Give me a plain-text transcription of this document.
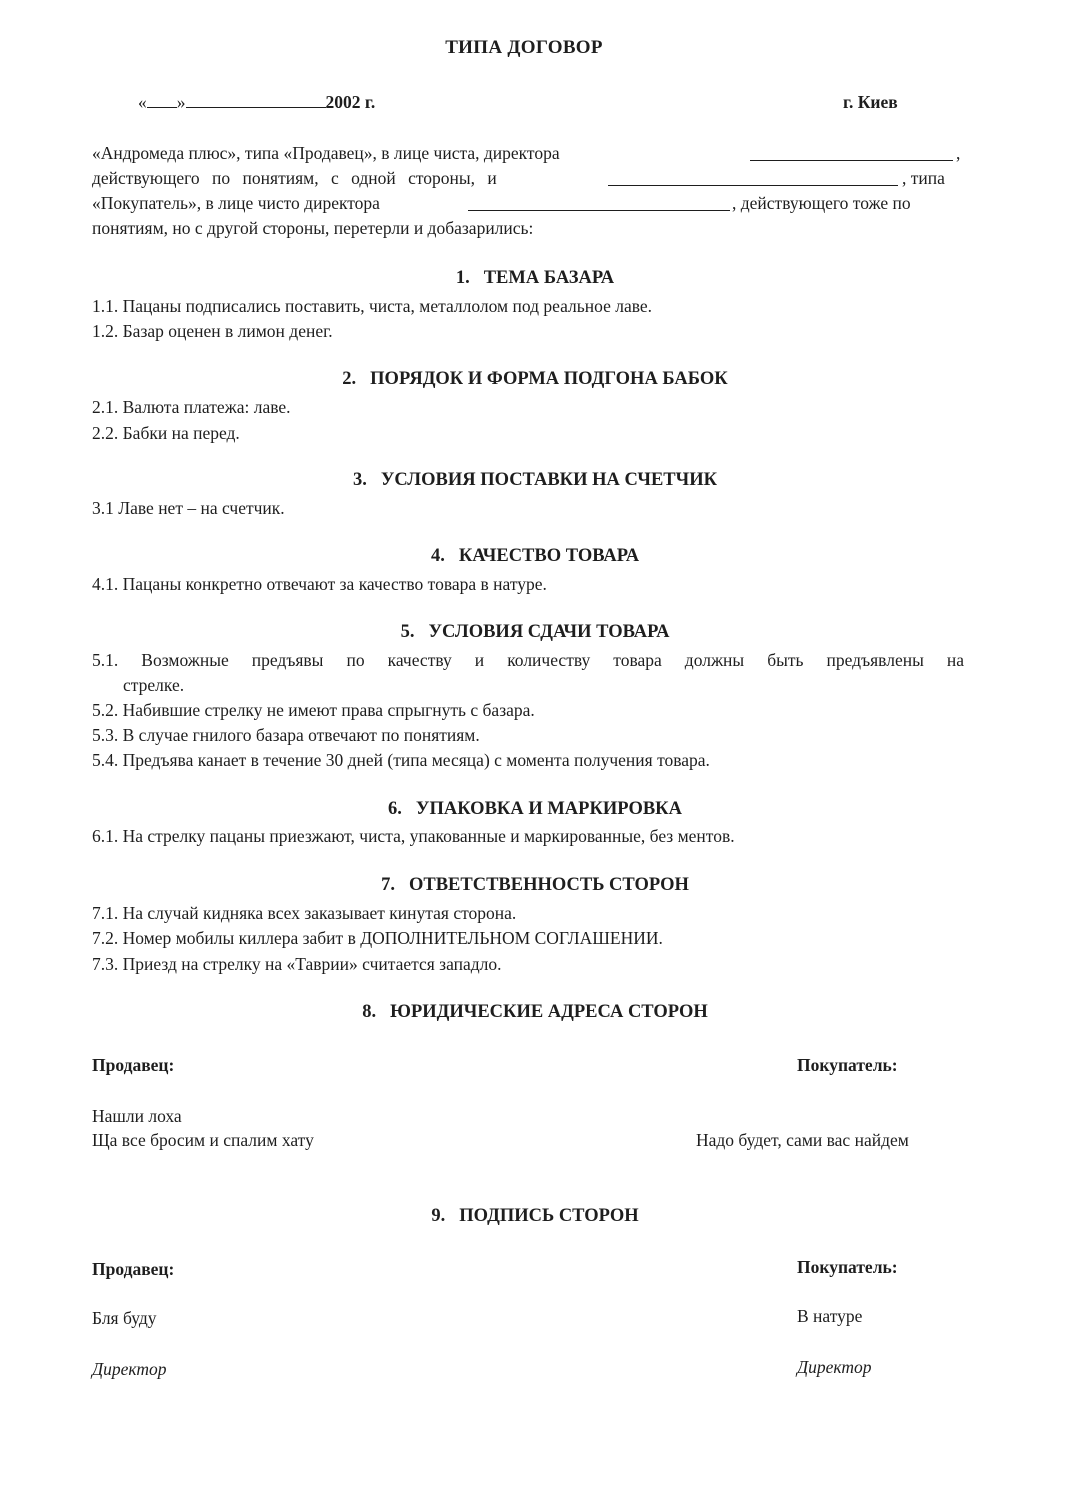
ТИПА ДОГОВОР
« »	2002 г.	г. Киев
«Андромеда плюс», типа «Продавец», в лице чиста, директора	,
действующего по понятиям, с одной стороны, и	, типа
«Покупатель», в лице чисто директора	, действующего тоже по
понятиям, но с другой стороны, перетерли и добазарились:
1. ТЕМА БАЗАРА
1.1. Пацаны подписались поставить, чиста, металлолом под реальное лаве.
1.2. Базар оценен в лимон денег.
2. ПОРЯДОК И ФОРМА ПОДГОНА БАБОК
2.1. Валюта платежа: лаве.
2.2. Бабки на перед.
3. УСЛОВИЯ ПОСТАВКИ НА СЧЕТЧИК
3.1 Лаве нет – на счетчик.
4. КАЧЕСТВО ТОВАРА
4.1. Пацаны конкретно отвечают за качество товара в натуре.
5. УСЛОВИЯ СДАЧИ ТОВАРА
5.1. Возможные предъявы по качеству и количеству товара должны быть предъявлены на
стрелке.
5.2. Набившие стрелку не имеют права спрыгнуть с базара.
5.3. В случае гнилого базара отвечают по понятиям.
5.4. Предъява канает в течение 30 дней (типа месяца) с момента получения товара.
6. УПАКОВКА И МАРКИРОВКА
6.1. На стрелку пацаны приезжают, чиста, упакованные и маркированные, без ментов.
7. ОТВЕТСТВЕННОСТЬ СТОРОН
7.1. На случай кидняка всех заказывает кинутая сторона.
7.2. Номер мобилы киллера забит в ДОПОЛНИТЕЛЬНОМ СОГЛАШЕНИИ.
7.3. Приезд на стрелку на «Таврии» считается западло.
8. ЮРИДИЧЕСКИЕ АДРЕСА СТОРОН
Продавец:	Покупатель:
Нашли лоха
Ща все бросим и спалим хату	Надо будет, сами вас найдем
9. ПОДПИСЬ СТОРОН
Продавец:	Покупатель:
Бля буду	В натуре
Директор	Директор
